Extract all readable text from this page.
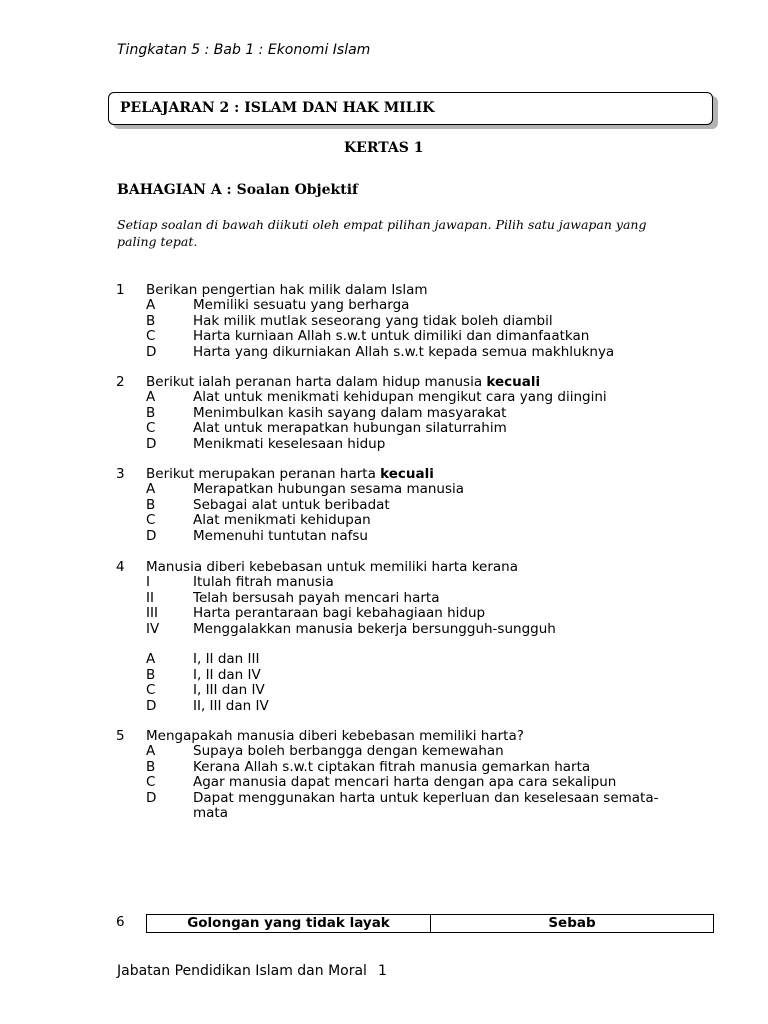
Tingkatan 5 : Bab 1 : Ekonomi Islam
PELAJARAN 2 : ISLAM DAN HAK MILIK
KERTAS 1
BAHAGIAN A : Soalan Objektif
Setiap soalan di bawah diikuti oleh empat pilihan jawapan. Pilih satu jawapan yang
paling tepat.
1 Berikan pengertian hak milik dalam Islam
A	Memiliki sesuatu yang berharga
B	Hak milik mutlak seseorang yang tidak boleh diambil
C	Harta kurniaan Allah s.w.t untuk dimiliki dan dimanfaatkan
D	Harta yang dikurniakan Allah s.w.t kepada semua makhluknya
2 Berikut ialah peranan harta dalam hidup manusia kecuali
A	Alat untuk menikmati kehidupan mengikut cara yang diingini
B	Menimbulkan kasih sayang dalam masyarakat
C	Alat untuk merapatkan hubungan silaturrahim
D	Menikmati keselesaan hidup
3 Berikut merupakan peranan harta kecuali
A	Merapatkan hubungan sesama manusia
B	Sebagai alat untuk beribadat
C	Alat menikmati kehidupan
D	Memenuhi tuntutan nafsu
4 Manusia diberi kebebasan untuk memiliki harta kerana
I	Itulah fitrah manusia
II	Telah bersusah payah mencari harta
III	Harta perantaraan bagi kebahagiaan hidup
IV	Menggalakkan manusia bekerja bersungguh-sungguh
A	I, II dan III
B	I, II dan IV
C	I, III dan IV
D	II, III dan IV
5 Mengapakah manusia diberi kebebasan memiliki harta?
A	Supaya boleh berbangga dengan kemewahan
B	Kerana Allah s.w.t ciptakan fitrah manusia gemarkan harta
C	Agar manusia dapat mencari harta dengan apa cara sekalipun
D	Dapat menggunakan harta untuk keperluan dan keselesaan semata-
mata
6	Golongan yang tidak layak	Sebab
Jabatan Pendidikan Islam dan Moral 1
